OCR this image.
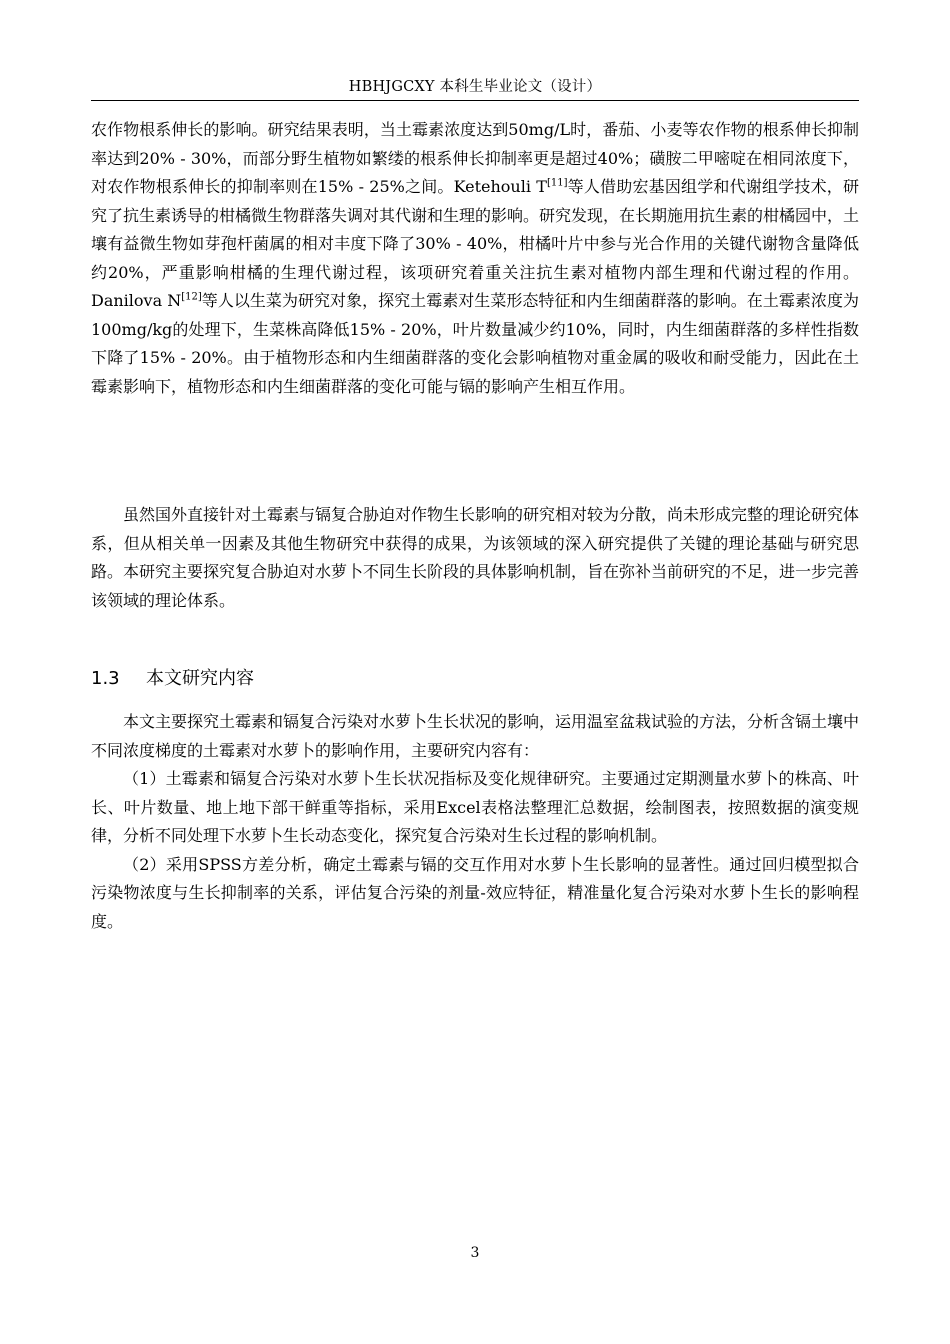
HBHJGCXY 本科生毕业论文（设计）

农作物根系伸长的影响。研究结果表明，当土霉素浓度达到50mg/L时，番茄、小麦等农作物的根系伸长抑制率达到20% - 30%，而部分野生植物如繁缕的根系伸长抑制率更是超过40%；磺胺二甲嘧啶在相同浓度下，对农作物根系伸长的抑制率则在15% - 25%之间。Ketehouli T[11]等人借助宏基因组学和代谢组学技术，研究了抗生素诱导的柑橘微生物群落失调对其代谢和生理的影响。研究发现，在长期施用抗生素的柑橘园中，土壤有益微生物如芽孢杆菌属的相对丰度下降了30% - 40%，柑橘叶片中参与光合作用的关键代谢物含量降低约20%，严重影响柑橘的生理代谢过程，该项研究着重关注抗生素对植物内部生理和代谢过程的作用。Danilova N[12]等人以生菜为研究对象，探究土霉素对生菜形态特征和内生细菌群落的影响。在土霉素浓度为100mg/kg的处理下，生菜株高降低15% - 20%，叶片数量减少约10%，同时，内生细菌群落的多样性指数下降了15% - 20%。由于植物形态和内生细菌群落的变化会影响植物对重金属的吸收和耐受能力，因此在土霉素影响下，植物形态和内生细菌群落的变化可能与镉的影响产生相互作用。

虽然国外直接针对土霉素与镉复合胁迫对作物生长影响的研究相对较为分散，尚未形成完整的理论研究体系，但从相关单一因素及其他生物研究中获得的成果，为该领域的深入研究提供了关键的理论基础与研究思路。本研究主要探究复合胁迫对水萝卜不同生长阶段的具体影响机制，旨在弥补当前研究的不足，进一步完善该领域的理论体系。

1.3 本文研究内容

本文主要探究土霉素和镉复合污染对水萝卜生长状况的影响，运用温室盆栽试验的方法，分析含镉土壤中不同浓度梯度的土霉素对水萝卜的影响作用，主要研究内容有：

（1）土霉素和镉复合污染对水萝卜生长状况指标及变化规律研究。主要通过定期测量水萝卜的株高、叶长、叶片数量、地上地下部干鲜重等指标，采用Excel表格法整理汇总数据，绘制图表，按照数据的演变规律，分析不同处理下水萝卜生长动态变化，探究复合污染对生长过程的影响机制。

（2）采用SPSS方差分析，确定土霉素与镉的交互作用对水萝卜生长影响的显著性。通过回归模型拟合污染物浓度与生长抑制率的关系，评估复合污染的剂量-效应特征，精准量化复合污染对水萝卜生长的影响程度。

3
